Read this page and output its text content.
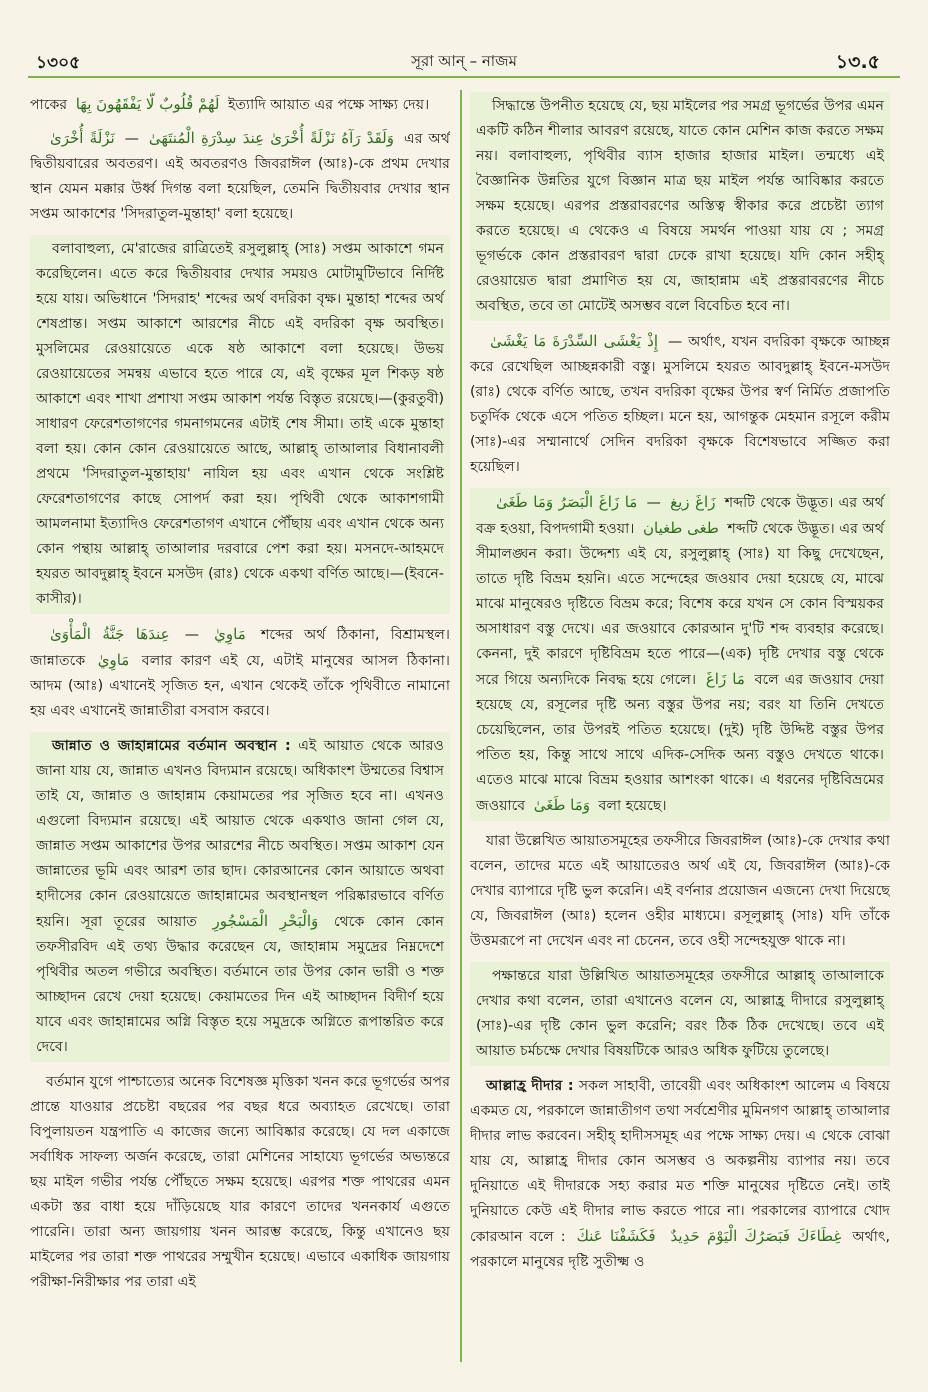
১৩০৫	সূরা আন্ – নাজম	১৩.৫

পাকের لَهُمْ قُلُوبٌ لَّا يَفْقَهُونَ بِهَا ইত্যাদি আয়াত এর পক্ষে সাক্ষ্য দেয়।

نَزْلَةً أُخْرَىٰ — وَلَقَدْ رَآهُ نَزْلَةً أُخْرَىٰ عِندَ سِدْرَةِ الْمُنتَهَىٰ এর অর্থ দ্বিতীয়বারের অবতরণ। এই অবতরণও জিবরাঈল (আঃ)-কে প্রথম দেখার স্থান যেমন মক্কার উর্ধ্ব দিগন্ত বলা হয়েছিল, তেমনি দ্বিতীয়বার দেখার স্থান সপ্তম আকাশের 'সিদরাতুল-মুন্তাহা' বলা হয়েছে।

বলাবাহুল্য, মে'রাজের রাত্রিতেই রসুলুল্লাহ্ (সাঃ) সপ্তম আকাশে গমন করেছিলেন। এতে করে দ্বিতীয়বার দেখার সময়ও মোটামুটিভাবে নির্দিষ্ট হয়ে যায়। অভিধানে 'সিদরাহ' শব্দের অর্থ বদরিকা বৃক্ষ। মুন্তাহা শব্দের অর্থ শেষপ্রান্ত। সপ্তম আকাশে আরশের নীচে এই বদরিকা বৃক্ষ অবস্থিত। মুসলিমের রেওয়ায়েতে একে ষষ্ঠ আকাশে বলা হয়েছে। উভয় রেওয়ায়েতের সমন্বয় এভাবে হতে পারে যে, এই বৃক্ষের মূল শিকড় ষষ্ঠ আকাশে এবং শাখা প্রশাখা সপ্তম আকাশ পর্যন্ত বিস্তৃত রয়েছে।—(কুরতুবী) সাধারণ ফেরেশতাগণের গমনাগমনের এটাই শেষ সীমা। তাই একে মুন্তাহা বলা হয়। কোন কোন রেওয়ায়েতে আছে, আল্লাহ্ তাআলার বিধানাবলী প্রথমে 'সিদরাতুল-মুন্তাহায়' নাযিল হয় এবং এখান থেকে সংশ্লিষ্ট ফেরেশতাগণের কাছে সোপর্দ করা হয়। পৃথিবী থেকে আকাশগামী আমলনামা ইত্যাদিও ফেরেশতাগণ এখানে পৌঁছায় এবং এখান থেকে অন্য কোন পন্থায় আল্লাহ্ তাআলার দরবারে পেশ করা হয়। মসনদে-আহমদে হযরত আবদুল্লাহ্ ইবনে মসউদ (রাঃ) থেকে একথা বর্ণিত আছে।—(ইবনে-কাসীর)।

عِندَهَا جَنَّةُ الْمَأْوَىٰ — مَاوِيٰ শব্দের অর্থ ঠিকানা, বিশ্রামস্থল। জান্নাতকে مَاوِيٰ বলার কারণ এই যে, এটাই মানুষের আসল ঠিকানা। আদম (আঃ) এখানেই সৃজিত হন, এখান থেকেই তাঁকে পৃথিবীতে নামানো হয় এবং এখানেই জান্নাতীরা বসবাস করবে।

জান্নাত ও জাহান্নামের বর্তমান অবস্থান : এই আয়াত থেকে আরও জানা যায় যে, জান্নাত এখনও বিদ্যমান রয়েছে। অধিকাংশ উম্মতের বিশ্বাস তাই যে, জান্নাত ও জাহান্নাম কেয়ামতের পর সৃজিত হবে না। এখনও এগুলো বিদ্যমান রয়েছে। এই আয়াত থেকে একথাও জানা গেল যে, জান্নাত সপ্তম আকাশের উপর আরশের নীচে অবস্থিত। সপ্তম আকাশ যেন জান্নাতের ভূমি এবং আরশ তার ছাদ। কোরআনের কোন আয়াতে অথবা হাদীসের কোন রেওয়ায়েতে জাহান্নামের অবস্থানস্থল পরিষ্কারভাবে বর্ণিত হয়নি। সূরা তূরের আয়াত وَالْبَحْرِ الْمَسْجُورِ থেকে কোন কোন তফসীরবিদ এই তথ্য উদ্ধার করেছেন যে, জাহান্নাম সমুদ্রের নিম্নদেশে পৃথিবীর অতল গভীরে অবস্থিত। বর্তমানে তার উপর কোন ভারী ও শক্ত আচ্ছাদন রেখে দেয়া হয়েছে। কেয়ামতের দিন এই আচ্ছাদন বিদীর্ণ হয়ে যাবে এবং জাহান্নামের অগ্নি বিস্তৃত হয়ে সমুদ্রকে অগ্নিতে রূপান্তরিত করে দেবে।

বর্তমান যুগে পাশ্চাত্যের অনেক বিশেষজ্ঞ মৃত্তিকা খনন করে ভূগর্ভের অপর প্রান্তে যাওয়ার প্রচেষ্টা বছরের পর বছর ধরে অব্যাহত রেখেছে। তারা বিপুলায়তন যন্ত্রপাতি এ কাজের জন্যে আবিষ্কার করেছে। যে দল একাজে সর্বাধিক সাফল্য অর্জন করেছে, তারা মেশিনের সাহায্যে ভূগর্ভের অভ্যন্তরে ছয় মাইল গভীর পর্যন্ত পৌঁছতে সক্ষম হয়েছে। এরপর শক্ত পাথরের এমন একটা স্তর বাধা হয়ে দাঁড়িয়েছে যার কারণে তাদের খননকার্য এগুতে পারেনি। তারা অন্য জায়গায় খনন আরম্ভ করেছে, কিন্তু এখানেও ছয় মাইলের পর তারা শক্ত পাথরের সম্মুখীন হয়েছে। এভাবে একাধিক জায়গায় পরীক্ষা-নিরীক্ষার পর তারা এই

সিদ্ধান্তে উপনীত হয়েছে যে, ছয় মাইলের পর সমগ্র ভূগর্ভের উপর এমন একটি কঠিন শীলার আবরণ রয়েছে, যাতে কোন মেশিন কাজ করতে সক্ষম নয়। বলাবাহুল্য, পৃথিবীর ব্যাস হাজার হাজার মাইল। তন্মধ্যে এই বৈজ্ঞানিক উন্নতির যুগে বিজ্ঞান মাত্র ছয় মাইল পর্যন্ত আবিষ্কার করতে সক্ষম হয়েছে। এরপর প্রস্তরাবরণের অস্তিত্ব স্বীকার করে প্রচেষ্টা ত্যাগ করতে হয়েছে। এ থেকেও এ বিষয়ে সমর্থন পাওয়া যায় যে ; সমগ্র ভূগর্ভকে কোন প্রস্তরাবরণ দ্বারা ঢেকে রাখা হয়েছে। যদি কোন সহীহ্ রেওয়ায়েত দ্বারা প্রমাণিত হয় যে, জাহান্নাম এই প্রস্তরাবরণের নীচে অবস্থিত, তবে তা মোটেই অসম্ভব বলে বিবেচিত হবে না।

إِذْ يَغْشَى السِّدْرَةَ مَا يَغْشَىٰ — অর্থাৎ, যখন বদরিকা বৃক্ষকে আচ্ছন্ন করে রেখেছিল আচ্ছন্নকারী বস্তু। মুসলিমে হযরত আবদুল্লাহ্ ইবনে-মসউদ (রাঃ) থেকে বর্ণিত আছে, তখন বদরিকা বৃক্ষের উপর স্বর্ণ নির্মিত প্রজাপতি চতুর্দিক থেকে এসে পতিত হচ্ছিল। মনে হয়, আগন্তুক মেহমান রসূলে করীম (সাঃ)-এর সম্মানার্থে সেদিন বদরিকা বৃক্ষকে বিশেষভাবে সজ্জিত করা হয়েছিল।

مَا زَاغَ الْبَصَرُ وَمَا طَغَىٰ — زَاغَ زيغ শব্দটি থেকে উদ্ভূত। এর অর্থ বক্র হওয়া, বিপদগামী হওয়া। طغى طغيان শব্দটি থেকে উদ্ভূত। এর অর্থ সীমালঙ্ঘন করা। উদ্দেশ্য এই যে, রসুলুল্লাহ্ (সাঃ) যা কিছু দেখেছেন, তাতে দৃষ্টি বিভ্রম হয়নি। এতে সন্দেহের জওয়াব দেয়া হয়েছে যে, মাঝে মাঝে মানুষেরও দৃষ্টিতে বিভ্রম করে; বিশেষ করে যখন সে কোন বিস্ময়কর অসাধারণ বস্তু দেখে। এর জওয়াবে কোরআন দু'টি শব্দ ব্যবহার করেছে। কেননা, দুই কারণে দৃষ্টিবিভ্রম হতে পারে—(এক) দৃষ্টি দেখার বস্তু থেকে সরে গিয়ে অন্যদিকে নিবদ্ধ হয়ে গেলে। مَا زَاغَ বলে এর জওয়াব দেয়া হয়েছে যে, রসূলের দৃষ্টি অন্য বস্তুর উপর নয়; বরং যা তিনি দেখতে চেয়েছিলেন, তার উপরই পতিত হয়েছে। (দুই) দৃষ্টি উদ্দিষ্ট বস্তুর উপর পতিত হয়, কিন্তু সাথে সাথে এদিক-সেদিক অন্য বস্তুও দেখতে থাকে। এতেও মাঝে মাঝে বিভ্রম হওয়ার আশংকা থাকে। এ ধরনের দৃষ্টিবিভ্রমের জওয়াবে وَمَا طَغَىٰ বলা হয়েছে।

যারা উল্লেখিত আয়াতসমূহের তফসীরে জিবরাঈল (আঃ)-কে দেখার কথা বলেন, তাদের মতে এই আয়াতেরও অর্থ এই যে, জিবরাঈল (আঃ)-কে দেখার ব্যাপারে দৃষ্টি ভুল করেনি। এই বর্ণনার প্রয়োজন এজন্যে দেখা দিয়েছে যে, জিবরাঈল (আঃ) হলেন ওহীর মাধ্যমে। রসূলুল্লাহ্ (সাঃ) যদি তাঁকে উত্তমরূপে না দেখেন এবং না চেনেন, তবে ওহী সন্দেহযুক্ত থাকে না।

পক্ষান্তরে যারা উল্লিখিত আয়াতসমূহের তফসীরে আল্লাহ্ তাআলাকে দেখার কথা বলেন, তারা এখানেও বলেন যে, আল্লাহ্র দীদারে রসুলুল্লাহ্ (সাঃ)-এর দৃষ্টি কোন ভুল করেনি; বরং ঠিক ঠিক দেখেছে। তবে এই আয়াত চর্মচক্ষে দেখার বিষয়টিকে আরও অধিক ফুটিয়ে তুলেছে।

আল্লাহ্র দীদার : সকল সাহাবী, তাবেয়ী এবং অধিকাংশ আলেম এ বিষয়ে একমত যে, পরকালে জান্নাতীগণ তথা সর্বশ্রেণীর মুমিনগণ আল্লাহ্ তাআলার দীদার লাভ করবেন। সহীহ্ হাদীসসমূহ এর পক্ষে সাক্ষ্য দেয়। এ থেকে বোঝা যায় যে, আল্লাহ্র দীদার কোন অসম্ভব ও অকল্পনীয় ব্যাপার নয়। তবে দুনিয়াতে এই দীদারকে সহ্য করার মত শক্তি মানুষের দৃষ্টিতে নেই। তাই দুনিয়াতে কেউ এই দীদার লাভ করতে পারে না। পরকালের ব্যাপারে খোদ কোরআন বলে : فَكَشَفْنَا عَنكَ غِطَاءَكَ فَبَصَرُكَ الْيَوْمَ حَدِيدٌ অর্থাৎ, পরকালে মানুষের দৃষ্টি সুতীক্ষ্ম ও
